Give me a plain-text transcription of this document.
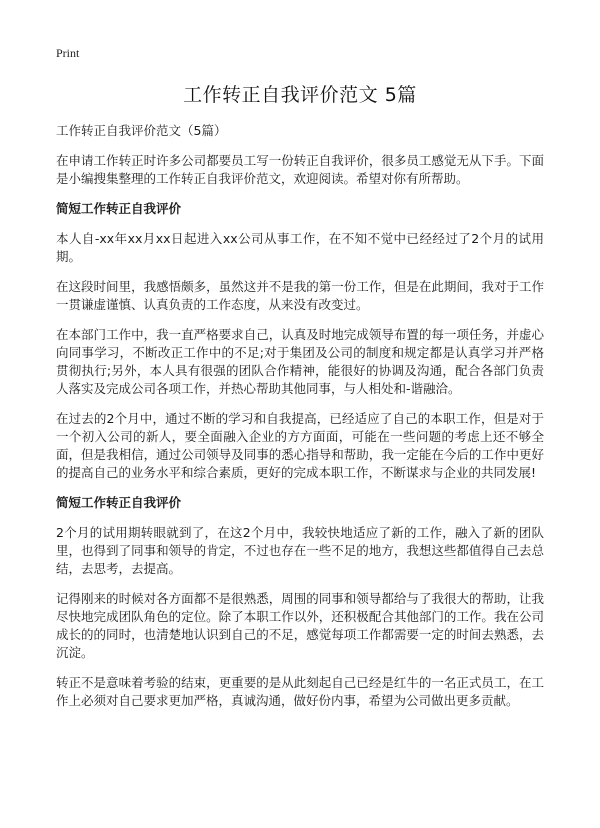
Print
工作转正自我评价范文 5篇
工作转正自我评价范文（5篇）

在申请工作转正时许多公司都要员工写一份转正自我评价，很多员工感觉无从下手。下面是小编搜集整理的工作转正自我评价范文，欢迎阅读。希望对你有所帮助。

简短工作转正自我评价

本人自-xx年xx月xx日起进入xx公司从事工作，在不知不觉中已经经过了2个月的试用期。

在这段时间里，我感悟颇多，虽然这并不是我的第一份工作，但是在此期间，我对于工作一贯谦虚谨慎、认真负责的工作态度，从来没有改变过。

在本部门工作中，我一直严格要求自己，认真及时地完成领导布置的每一项任务，并虚心向同事学习，不断改正工作中的不足;对于集团及公司的制度和规定都是认真学习并严格贯彻执行;另外，本人具有很强的团队合作精神，能很好的协调及沟通，配合各部门负责人落实及完成公司各项工作，并热心帮助其他同事，与人相处和-谐融洽。

在过去的2个月中，通过不断的学习和自我提高，已经适应了自己的本职工作，但是对于一个初入公司的新人，要全面融入企业的方方面面，可能在一些问题的考虑上还不够全面，但是我相信，通过公司领导及同事的悉心指导和帮助，我一定能在今后的工作中更好的提高自己的业务水平和综合素质，更好的完成本职工作，不断谋求与企业的共同发展!

简短工作转正自我评价

2个月的试用期转眼就到了，在这2个月中，我较快地适应了新的工作，融入了新的团队里，也得到了同事和领导的肯定，不过也存在一些不足的地方，我想这些都值得自己去总结，去思考，去提高。

记得刚来的时候对各方面都不是很熟悉，周围的同事和领导都给与了我很大的帮助，让我尽快地完成团队角色的定位。除了本职工作以外，还积极配合其他部门的工作。我在公司成长的的同时，也清楚地认识到自己的不足，感觉每项工作都需要一定的时间去熟悉，去沉淀。

转正不是意味着考验的结束，更重要的是从此刻起自己已经是红牛的一名正式员工，在工作上必须对自己要求更加严格，真诚沟通，做好份内事，希望为公司做出更多贡献。
